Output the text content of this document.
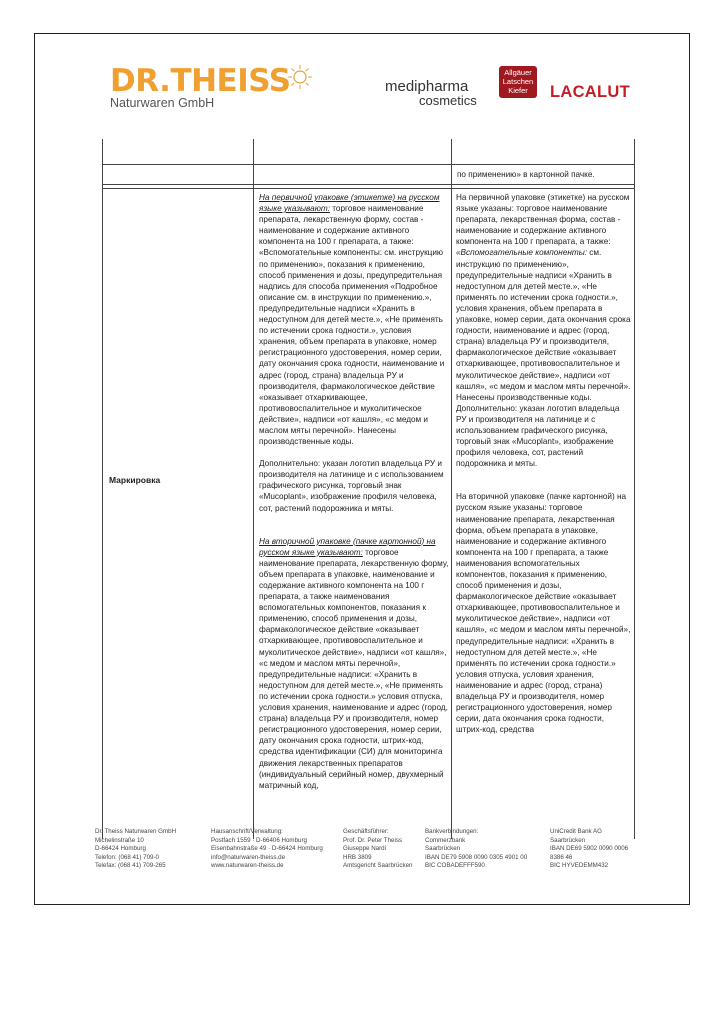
DR.THEISS
Naturwaren GmbH
medipharma
cosmetics
Allgäuer
Latschen
Kiefer	LACALUT
по применению» в картонной пачке.
Маркировка

На первичной упаковке (этикетке) на русском языке указывают: торговое наименование препарата, лекарственную форму, состав - наименование и содержание активного компонента на 100 г препарата, а также: «Вспомогательные компоненты: см. инструкцию по применению», показания к применению, способ применения и дозы, предупредительная надпись для способа применения «Подробное описание см. в инструкции по применению.», предупредительные надписи «Хранить в недоступном для детей месте.», «Не применять по истечении срока годности.», условия хранения, объем препарата в упаковке, номер регистрационного удостоверения, номер серии, дату окончания срока годности, наименование и адрес (город, страна) владельца РУ и производителя, фармакологическое действие «оказывает отхаркивающее, противовоспалительное и муколитическое действие», надписи «от кашля», «с медом и маслом мяты перечной». Нанесены производственные коды.

Дополнительно: указан логотип владельца РУ и производителя на латинице и с использованием графического рисунка, торговый знак «Mucoplant», изображение профиля человека, сот, растений подорожника и мяты.

На вторичной упаковке (пачке картонной) на русском языке указывают: торговое наименование препарата, лекарственную форму, объем препарата в упаковке, наименование и содержание активного компонента на 100 г препарата, а также наименования вспомогательных компонентов, показания к применению, способ применения и дозы, фармакологическое действие «оказывает отхаркивающее, противовоспалительное и муколитическое действие», надписи «от кашля», «с медом и маслом мяты перечной», предупредительные надписи: «Хранить в недоступном для детей месте.», «Не применять по истечении срока годности.» условия отпуска, условия хранения, наименование и адрес (город, страна) владельца РУ и производителя, номер регистрационного удостоверения, номер серии, дату окончания срока годности, штрих-код, средства идентификации (СИ) для мониторинга движения лекарственных препаратов (индивидуальный серийный номер, двухмерный матричный код,

На первичной упаковке (этикетке) на русском языке указаны: торговое наименование препарата, лекарственная форма, состав - наименование и содержание активного компонента на 100 г препарата, а также:
«Вспомогательные компоненты: см. инструкцию по применению», предупредительные надписи «Хранить в недоступном для детей месте.», «Не применять по истечении срока годности.», условия хранения, объем препарата в упаковке, номер серии, дата окончания срока годности, наименование и адрес (город, страна) владельца РУ и производителя, фармакологическое действие «оказывает отхаркивающее, противовоспалительное и муколитическое действие», надписи «от кашля», «с медом и маслом мяты перечной». Нанесены производственные коды.

Дополнительно: указан логотип владельца РУ и производителя на латинице и с использованием графического рисунка, торговый знак «Mucoplant», изображение профиля человека, сот, растений подорожника и мяты.

На вторичной упаковке (пачке картонной) на русском языке указаны: торговое наименование препарата, лекарственная форма, объем препарата в упаковке, наименование и содержание активного компонента на 100 г препарата, а также наименования вспомогательных компонентов, показания к применению, способ применения и дозы, фармакологическое действие «оказывает отхаркивающее, противовоспалительное и муколитическое действие», надписи «от кашля», «с медом и маслом мяты перечной», предупредительные надписи: «Хранить в недоступном для детей месте.», «Не применять по истечении срока годности.» условия отпуска, условия хранения, наименование и адрес (город, страна) владельца РУ и производителя, номер регистрационного удостоверения, номер серии, дата окончания срока годности, штрих-код, средства

Dr. Theiss Naturwaren GmbH
Michelinstraße 10
D-66424 Homburg
Telefon: (068 41) 709-0
Telefax: (068 41) 709-265
Hausanschrift/Verwaltung:
Postfach 1559 · D-66406 Homburg
Eisenbahnstraße 49 · D-66424 Homburg
info@naturwaren-theiss.de
www.naturwaren-theiss.de
Geschäftsführer:
Prof. Dr. Peter Theiss
Giuseppe Nardi
HRB 3809
Amtsgericht Saarbrücken
Bankverbindungen:
Commerzbank
Saarbrücken
IBAN DE79 5908 0090 0305 4901 00
BIC COBADEFFF590
UniCredit Bank AG
Saarbrücken
IBAN DE69 5902 0090 0006 8386 46
BIC HYVEDEMM432
